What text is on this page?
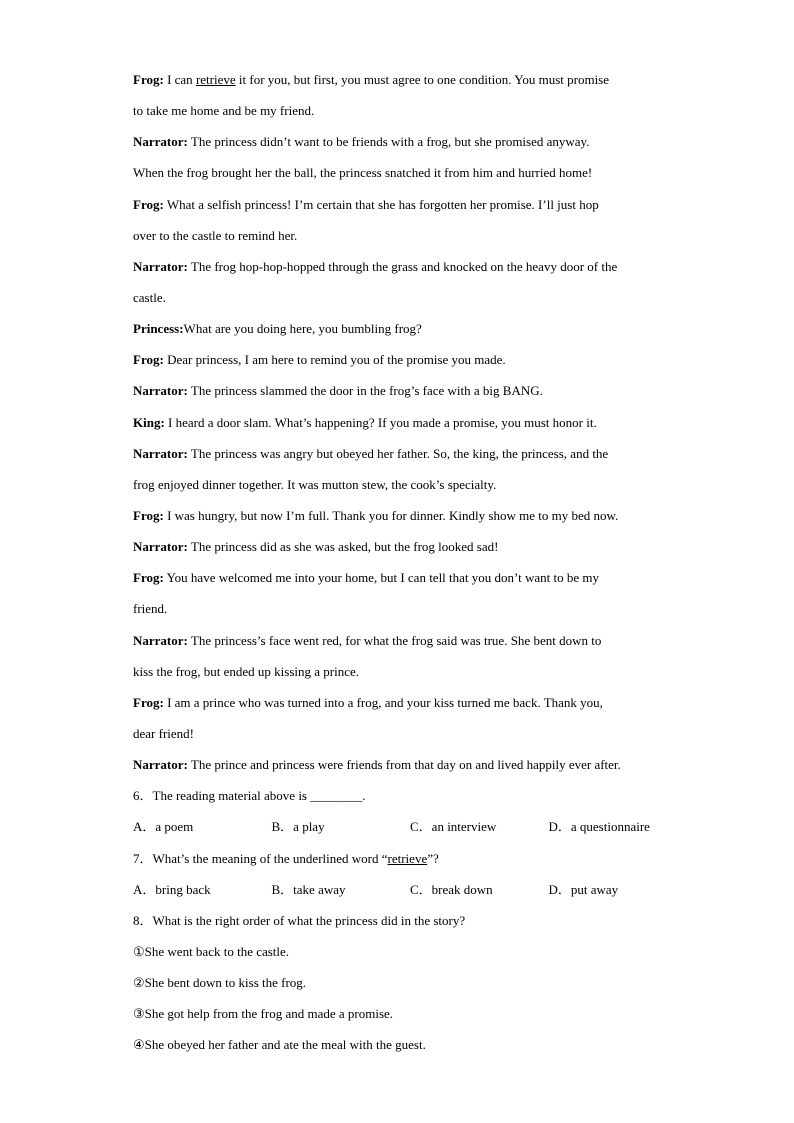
Frog: I can retrieve it for you, but first, you must agree to one condition. You must promise
to take me home and be my friend.
Narrator: The princess didn’t want to be friends with a frog, but she promised anyway.
When the frog brought her the ball, the princess snatched it from him and hurried home!
Frog: What a selfish princess! I’m certain that she has forgotten her promise. I’ll just hop
over to the castle to remind her.
Narrator: The frog hop-hop-hopped through the grass and knocked on the heavy door of the
castle.
Princess:What are you doing here, you bumbling frog?
Frog: Dear princess, I am here to remind you of the promise you made.
Narrator: The princess slammed the door in the frog’s face with a big BANG.
King: I heard a door slam. What’s happening? If you made a promise, you must honor it.
Narrator: The princess was angry but obeyed her father. So, the king, the princess, and the
frog enjoyed dinner together. It was mutton stew, the cook’s specialty.
Frog: I was hungry, but now I’m full. Thank you for dinner. Kindly show me to my bed now.
Narrator: The princess did as she was asked, but the frog looked sad!
Frog: You have welcomed me into your home, but I can tell that you don’t want to be my
friend.
Narrator: The princess’s face went red, for what the frog said was true. She bent down to
kiss the frog, but ended up kissing a prince.
Frog: I am a prince who was turned into a frog, and your kiss turned me back. Thank you,
dear friend!
Narrator: The prince and princess were friends from that day on and lived happily ever after.
6．The reading material above is ________.
A．a poem	B．a play	C．an interview	D．a questionnaire
7．What’s the meaning of the underlined word “retrieve”?
A．bring back	B．take away	C．break down	D．put away
8．What is the right order of what the princess did in the story?
①She went back to the castle.
②She bent down to kiss the frog.
③She got help from the frog and made a promise.
④She obeyed her father and ate the meal with the guest.
